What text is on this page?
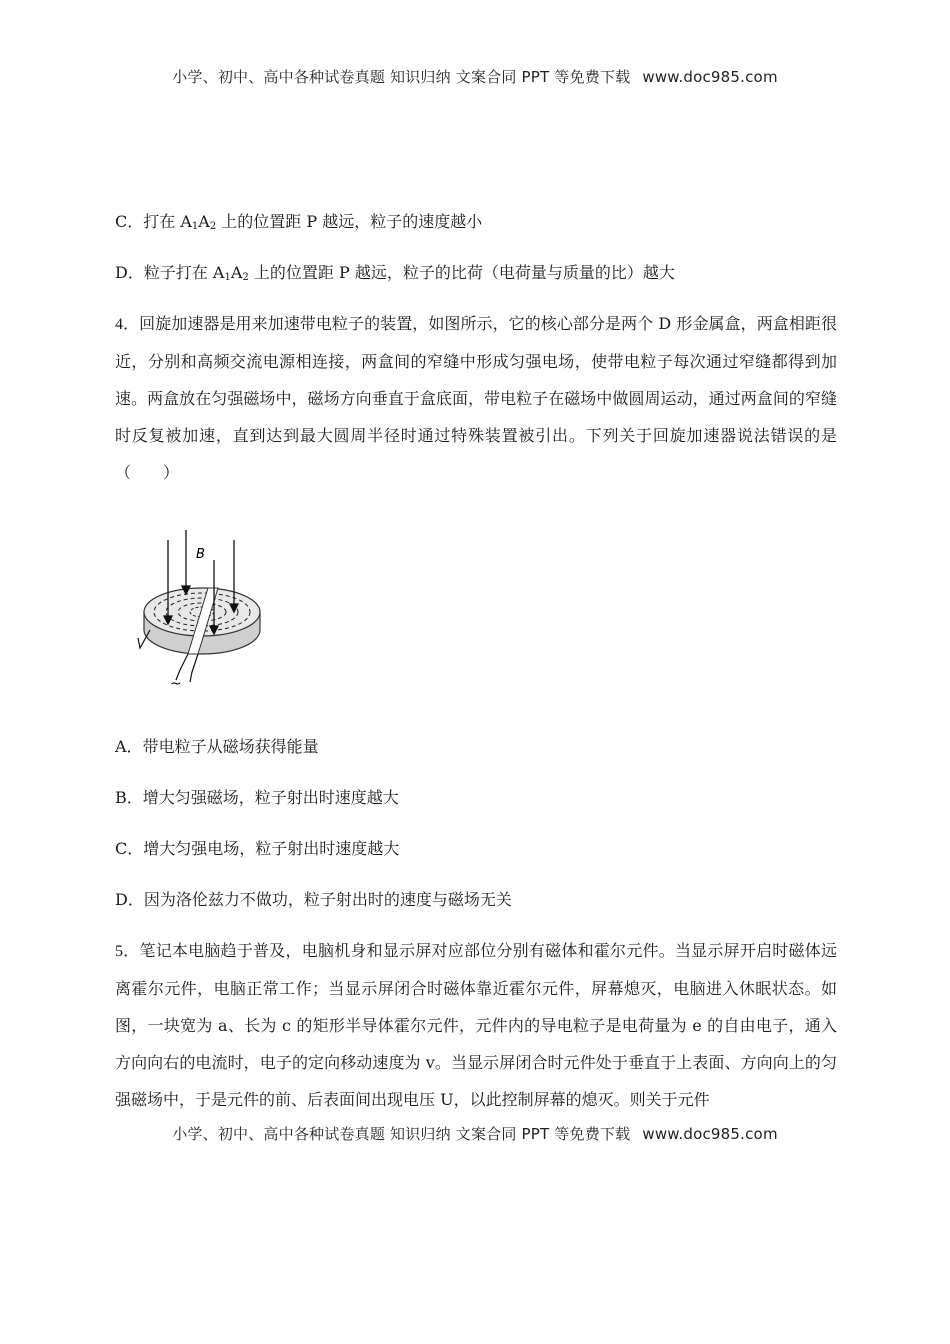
小学、初中、高中各种试卷真题 知识归纳 文案合同 PPT 等免费下载 www.doc985.com
C．打在 $A_1A_2$ 上的位置距 P 越远，粒子的速度越小
D．粒子打在 $A_1A_2$ 上的位置距 P 越远，粒子的比荷（电荷量与质量的比）越大
4．回旋加速器是用来加速带电粒子的装置，如图所示，它的核心部分是两个 D 形金属盒，两盒相距很近，分别和高频交流电源相连接，两盒间的窄缝中形成匀强电场，使带电粒子每次通过窄缝都得到加速。两盒放在匀强磁场中，磁场方向垂直于盒底面，带电粒子在磁场中做圆周运动，通过两盒间的窄缝时反复被加速，直到达到最大圆周半径时通过特殊装置被引出。下列关于回旋加速器说法错误的是（　　）
B
~
A．带电粒子从磁场获得能量
B．增大匀强磁场，粒子射出时速度越大
C．增大匀强电场，粒子射出时速度越大
D．因为洛伦兹力不做功，粒子射出时的速度与磁场无关
5．笔记本电脑趋于普及，电脑机身和显示屏对应部位分别有磁体和霍尔元件。当显示屏开启时磁体远离霍尔元件，电脑正常工作；当显示屏闭合时磁体靠近霍尔元件，屏幕熄灭，电脑进入休眠状态。如图，一块宽为 a、长为 c 的矩形半导体霍尔元件，元件内的导电粒子是电荷量为 e 的自由电子，通入方向向右的电流时，电子的定向移动速度为 v。当显示屏闭合时元件处于垂直于上表面、方向向上的匀强磁场中，于是元件的前、后表面间出现电压 U，以此控制屏幕的熄灭。则关于元件
小学、初中、高中各种试卷真题 知识归纳 文案合同 PPT 等免费下载 www.doc985.com
